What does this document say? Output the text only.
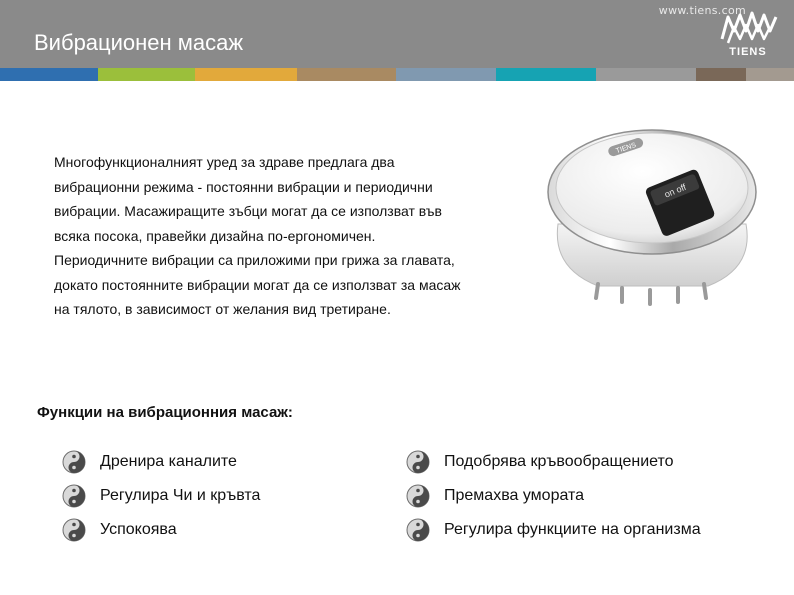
www.tiens.com
Вибрационен масаж	TIENS

Многофункционалният уред за здраве предлага два
вибрационни режима - постоянни вибрации и периодични
вибрации. Масажиращите зъбци могат да се използват във
всяка посока, правейки дизайна по-ергономичен.
Периодичните вибрации са приложими при грижа за главата,
докато постоянните вибрации могат да се използват за масаж
на тялото, в зависимост от желания вид третиране.

on off
TIENS
Функции на вибрационния масаж:
Дренира каналите	Подобрява кръвообращението
Регулира Чи и кръвта	Премахва умората
Успокоява	Регулира функциите на организма
